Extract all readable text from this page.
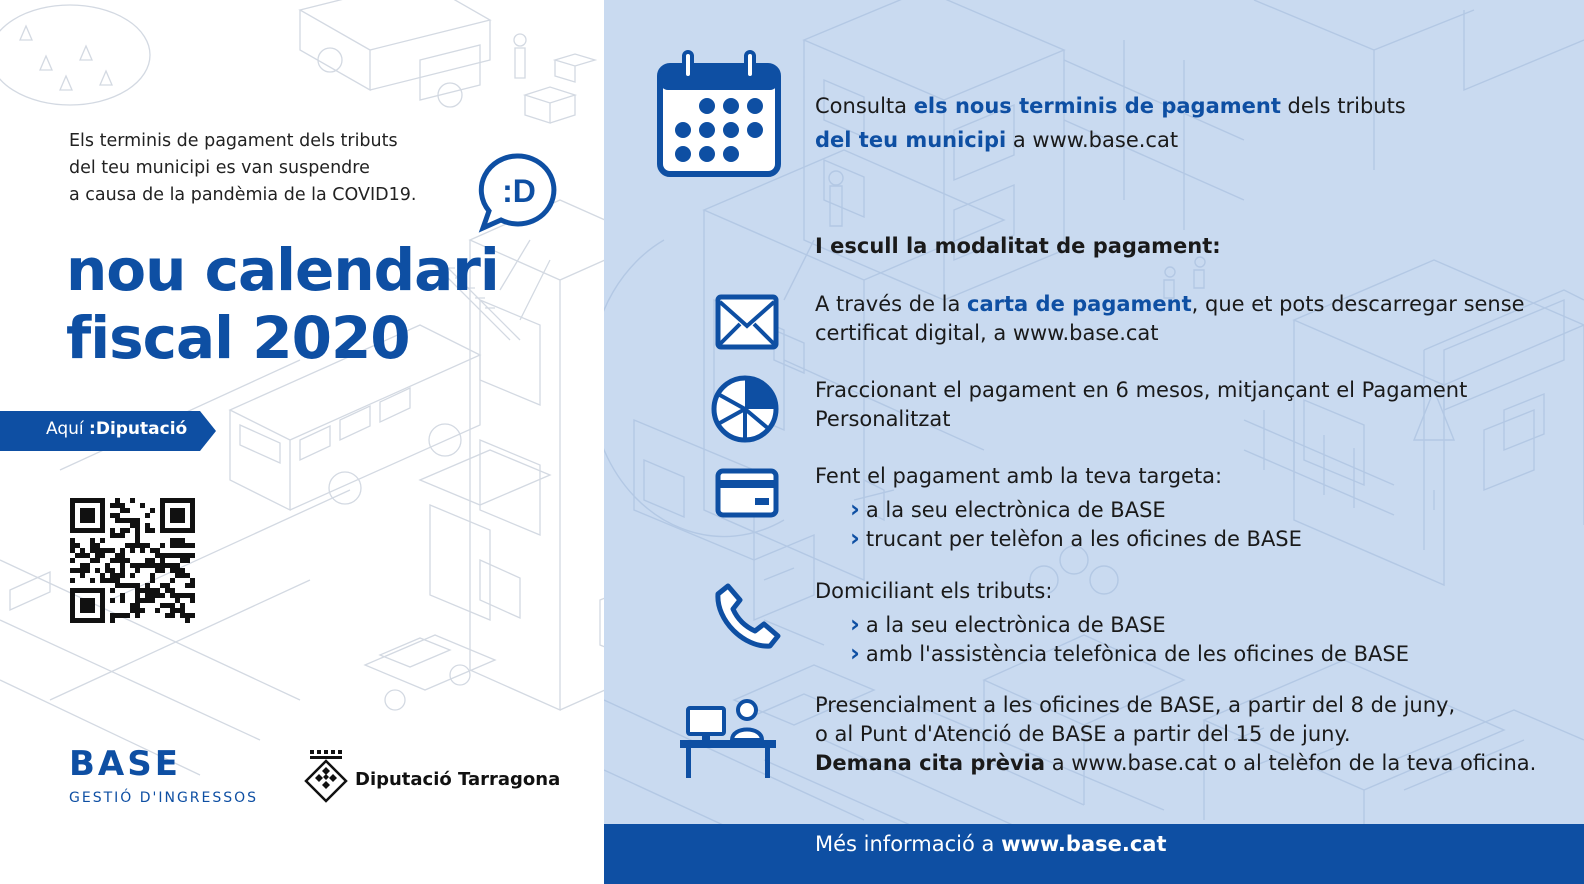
Els terminis de pagament dels tributs
del teu municipi es van suspendre
a causa de la pandèmia de la COVID19.	:D
nou calendari
fiscal 2020
Aquí :Diputació
BASE
GESTIÓ D'INGRESSOS
Diputació Tarragona
Consulta els nous terminis de pagament dels tributs
del teu municipi a www.base.cat
I escull la modalitat de pagament:
A través de la carta de pagament, que et pots descarregar sense
certificat digital, a www.base.cat
Fraccionant el pagament en 6 mesos, mitjançant el Pagament
Personalitzat
Fent el pagament amb la teva targeta:
› a la seu electrònica de BASE
› trucant per telèfon a les oficines de BASE
Domiciliant els tributs:
› a la seu electrònica de BASE
› amb l'assistència telefònica de les oficines de BASE
Presencialment a les oficines de BASE, a partir del 8 de juny,
o al Punt d'Atenció de BASE a partir del 15 de juny.
Demana cita prèvia a www.base.cat o al telèfon de la teva oficina.
Més informació a www.base.cat
